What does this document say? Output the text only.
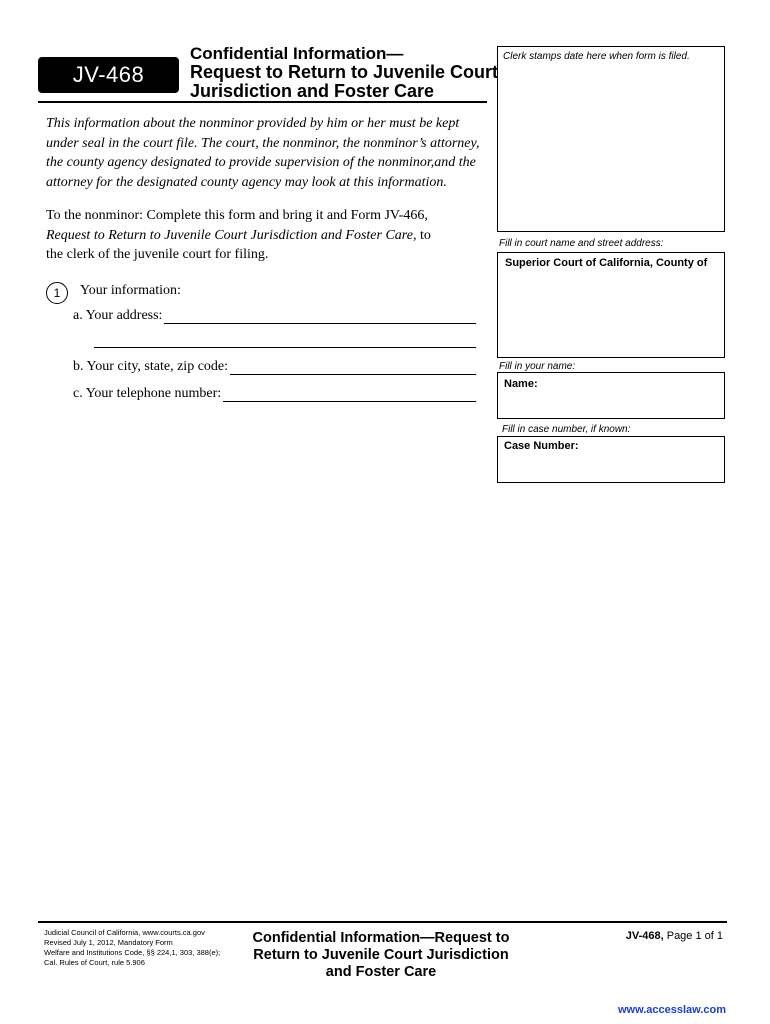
JV-468
Confidential Information—
Request to Return to Juvenile Court
Jurisdiction and Foster Care
This information about the nonminor provided by him or her must be kept
under seal in the court file. The court, the nonminor, the nonminor’s attorney,
the county agency designated to provide supervision of the nonminor,and the
attorney for the designated county agency may look at this information.
To the nonminor: Complete this form and bring it and Form JV-466,
Request to Return to Juvenile Court Jurisdiction and Foster Care, to
the clerk of the juvenile court for filing.
1 Your information:
a. Your address:
b. Your city, state, zip code:
c. Your telephone number:
Clerk stamps date here when form is filed.
Fill in court name and street address:
Superior Court of California, County of
Fill in your name:
Name:
Fill in case number, if known:
Case Number:
Judicial Council of California, www.courts.ca.gov
Revised July 1, 2012, Mandatory Form
Welfare and Institutions Code, §§ 224,1, 303, 388(e);
Cal. Rules of Court, rule 5.906
Confidential Information—Request to
Return to Juvenile Court Jurisdiction
and Foster Care
JV-468, Page 1 of 1
www.accesslaw.com
